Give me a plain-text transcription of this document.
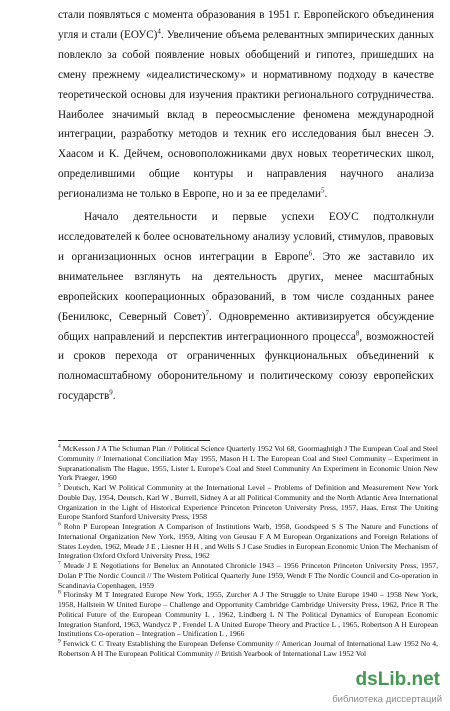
стали появляться с момента образования в 1951 г. Европейского объединения угля и стали (ЕОУС)$^4$. Увеличение объема релевантных эмпирических данных повлекло за собой появление новых обобщений и гипотез, пришедших на смену прежнему «идеалистическому» и нормативному подходу в качестве теоретической основы для изучения практики регионального сотрудничества. Наиболее значимый вклад в переосмысление феномена международной интеграции, разработку методов и техник его исследования был внесен Э. Хаасом и К. Дейчем, основоположниками двух новых теоретических школ, определившими общие контуры и направления научного анализа регионализма не только в Европе, но и за ее пределами$^5$.

Начало деятельности и первые успехи ЕОУС подтолкнули исследователей к более основательному анализу условий, стимулов, правовых и организационных основ интеграции в Европе$^6$. Это же заставило их внимательнее взглянуть на деятельность других, менее масштабных европейских кооперационных образований, в том числе созданных ранее (Бенилюкс, Северный Совет)$^7$. Одновременно активизируется обсуждение общих направлений и перспектив интеграционного процесса$^8$, возможностей и сроков перехода от ограниченных функциональных объединений к полномасштабному оборонительному и политическому союзу европейских государств$^9$.

$^4$ McKesson J A The Schuman Plan // Political Science Quarterly 1952 Vol 68, Goormaghtigh J The European Coal and Steel Community // International Conciliation May 1955, Mason H L The European Coal and Steel Community – Experiment in Supranationalism The Hague, 1955, Lister L Europe's Coal and Steel Community An Experiment in Economic Union New York Praeger, 1960

$^5$ Deutsch, Karl W Political Community at the International Level – Problems of Definition and Measurement New York Double Day, 1954, Deutsch, Karl W , Burrell, Sidney A at all Political Community and the North Atlantic Area International Organization in the Light of Historical Experience Princeton Princeton University Press, 1957, Haas, Ernst The Uniting Europe Stanford Stanford University Press, 1958

$^6$ Rohn P European Integration A Comparison of Institutions Warb, 1958, Goodspeed S S The Nature and Functions of International Organization New York, 1959, Alting von Geusau F A M European Organizations and Foreign Relations of States Leyden, 1962, Meade J E , Liesner H H , and Wells S J Case Studies in European Economic Union The Mechanism of Integration Oxford Oxford University Press, 1962

$^7$ Meade J E Negotiations for Benelux an Annotated Chronicle 1943 – 1956 Princeton Princeton University Press, 1957, Dolan P The Nordic Council // The Western Political Quarterly June 1959, Wendt F The Nordic Council and Co-operation in Scandinavia Copenhagen, 1959

$^8$ Florinsky M T Integrated Europe New York, 1955, Zurcher A J The Struggle to Unite Europe 1940 – 1958 New York, 1958, Hallstein W United Europe – Challenge and Opportunity Cambridge Cambridge University Press, 1962, Price R The Political Future of the European Community L , 1962, Lindberg L N The Political Dynamics of European Economic Integration Stanford, 1963, Wandycz P , Frendel L A United Europe Theory and Practice L , 1965, Robertson A H European Institutions Co-operation – Integration – Unification L , 1966

$^9$ Fenwick C C Treaty Establishing the European Defense Community // American Journal of International Law 1952 No 4, Robertson A H The European Political Community // British Yearbook of International Law 1952 Vol

dsLib.net
библиотека диссертаций
